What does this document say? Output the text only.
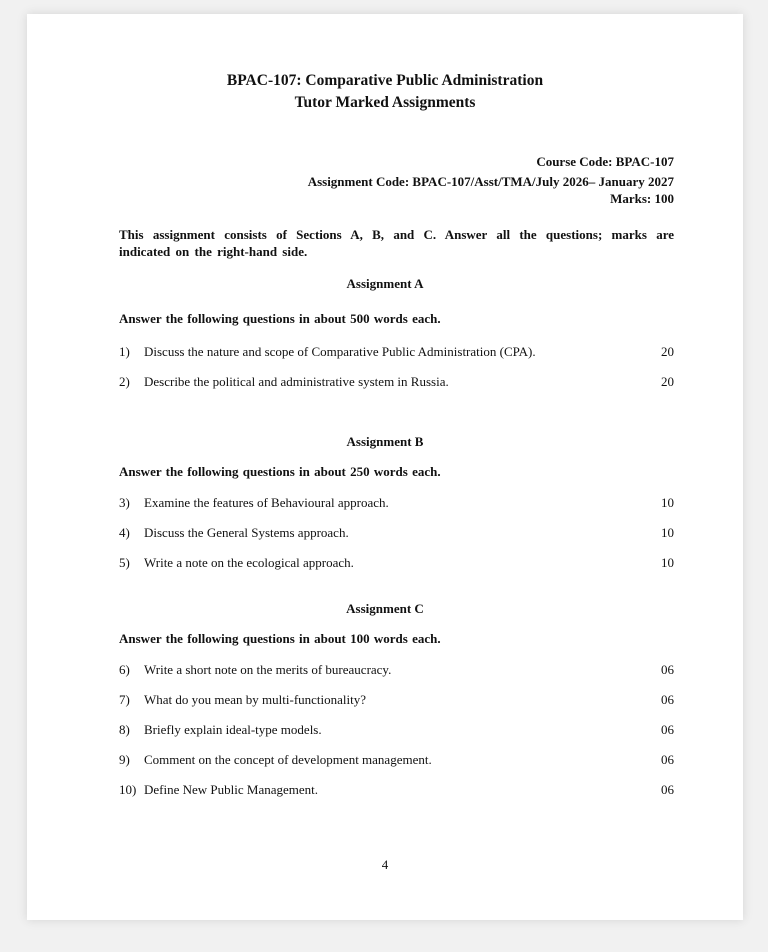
BPAC-107: Comparative Public Administration
Tutor Marked Assignments
Course Code: BPAC-107
Assignment Code: BPAC-107/Asst/TMA/July 2026– January 2027
Marks: 100
This assignment consists of Sections A, B, and C. Answer all the questions; marks are indicated on the right-hand side.
Assignment A
Answer the following questions in about 500 words each.
1) Discuss the nature and scope of Comparative Public Administration (CPA).	20
2) Describe the political and administrative system in Russia.	20
Assignment B
Answer the following questions in about 250 words each.
3) Examine the features of Behavioural approach.	10
4) Discuss the General Systems approach.	10
5) Write a note on the ecological approach.	10
Assignment C
Answer the following questions in about 100 words each.
6) Write a short note on the merits of bureaucracy.	06
7) What do you mean by multi-functionality?	06
8) Briefly explain ideal-type models.	06
9) Comment on the concept of development management.	06
10) Define New Public Management.	06
4
